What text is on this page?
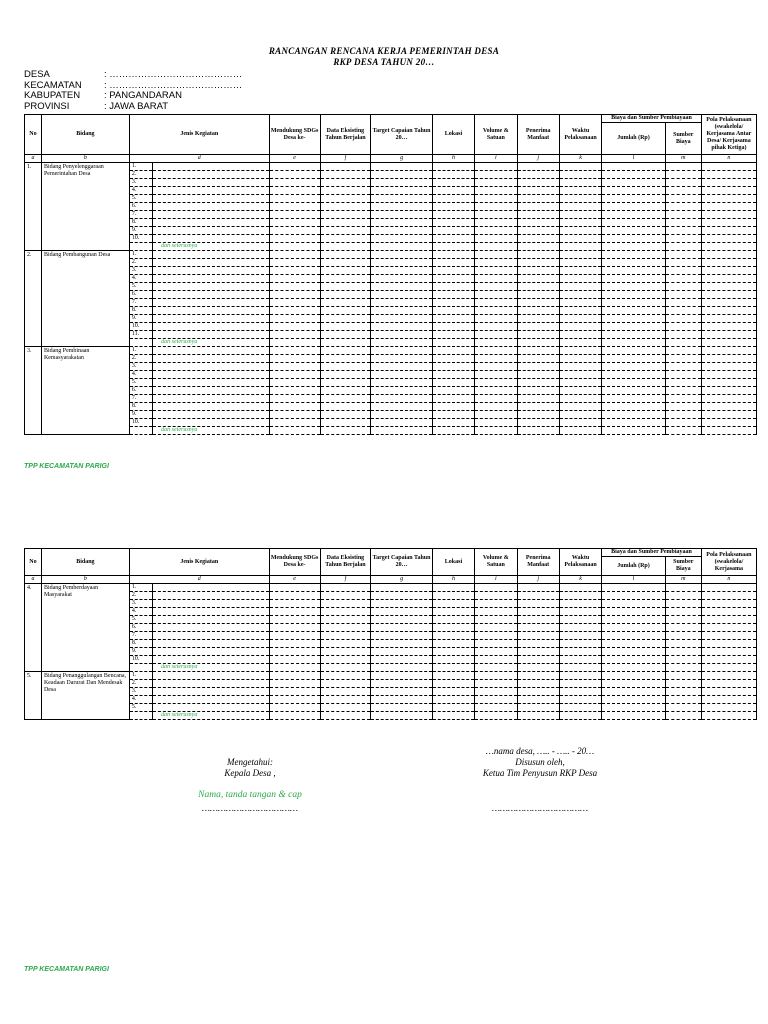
RANCANGAN RENCANA KERJA PEMERINTAH DESA
RKP DESA TAHUN 20…
DESA	: ……………………………………
KECAMATAN	: ……………………………………
KABUPATEN	: PANGANDARAN
PROVINSI	: JAWA BARAT
No	Bidang	Jenis Kegiatan		Mendukung SDGs Desa ke-	Data Eksisting Tahun Berjalan	Target Capaian Tahun 20…	Lokasi	Volume & Satuan	Penerima Manfaat	Waktu Pelaksanaan	Biaya dan Sumber Pembiayaan		Pola Pelaksanaan (swakelola/ Kerjasama Antar Desa/ Kerjasama pihak Ketiga)
											Jumlah (Rp)	Sumber Biaya	
a	b	d		e	f	g	h	i	j	k	l	m	n
1.	Bidang Penyelenggaraan Pemerintahan Desa	1.											
		2.											
		3.											
		4.											
		5.											
		6.											
		7.											
		8.											
		9.											
		10.											
			dan seterusnya										
2.	Bidang Pembangunan Desa	1.											
		2.											
		3.											
		4.											
		5.											
		6.											
		7.											
		8.											
		9.											
		10.											
		11.											
			dan seterusnya										
3.	Bidang Pembinaan Kemasyarakatan	1.											
		2.											
		3.											
		4.											
		5.											
		6.											
		7.											
		8.											
		9.											
		10.											
			dan seterusnya										
TPP KECAMATAN PARIGI
No	Bidang	Jenis Kegiatan		Mendukung SDGs Desa ke-	Data Eksisting Tahun Berjalan	Target Capaian Tahun 20…	Lokasi	Volume & Satuan	Penerima Manfaat	Waktu Pelaksanaan	Biaya dan Sumber Pembiayaan		Pola Pelaksanaan (swakelola/ Kerjasama
											Jumlah (Rp)	Sumber Biaya	
a	b	d		e	f	g	h	i	j	k	l	m	n
4.	Bidang Pemberdayaan Masyarakat	1.											
		2.											
		3.											
		4.											
		5.											
		6.											
		7.											
		8.											
		9.											
		10.											
			dan seterusnya										
5.	Bidang Penanggulangan Bencana, Keadaan Darurat Dan Mendesak Desa	1.											
		2.											
		3.											
		4.											
		5.											
			dan seterusnya										
Mengetahui:
Kepala Desa ,
Nama, tanda tangan & cap
………………………………
…nama desa, ….. - ….. - 20…
Disusun oleh,
Ketua Tim Penyusun RKP Desa
………………………………
TPP KECAMATAN PARIGI
